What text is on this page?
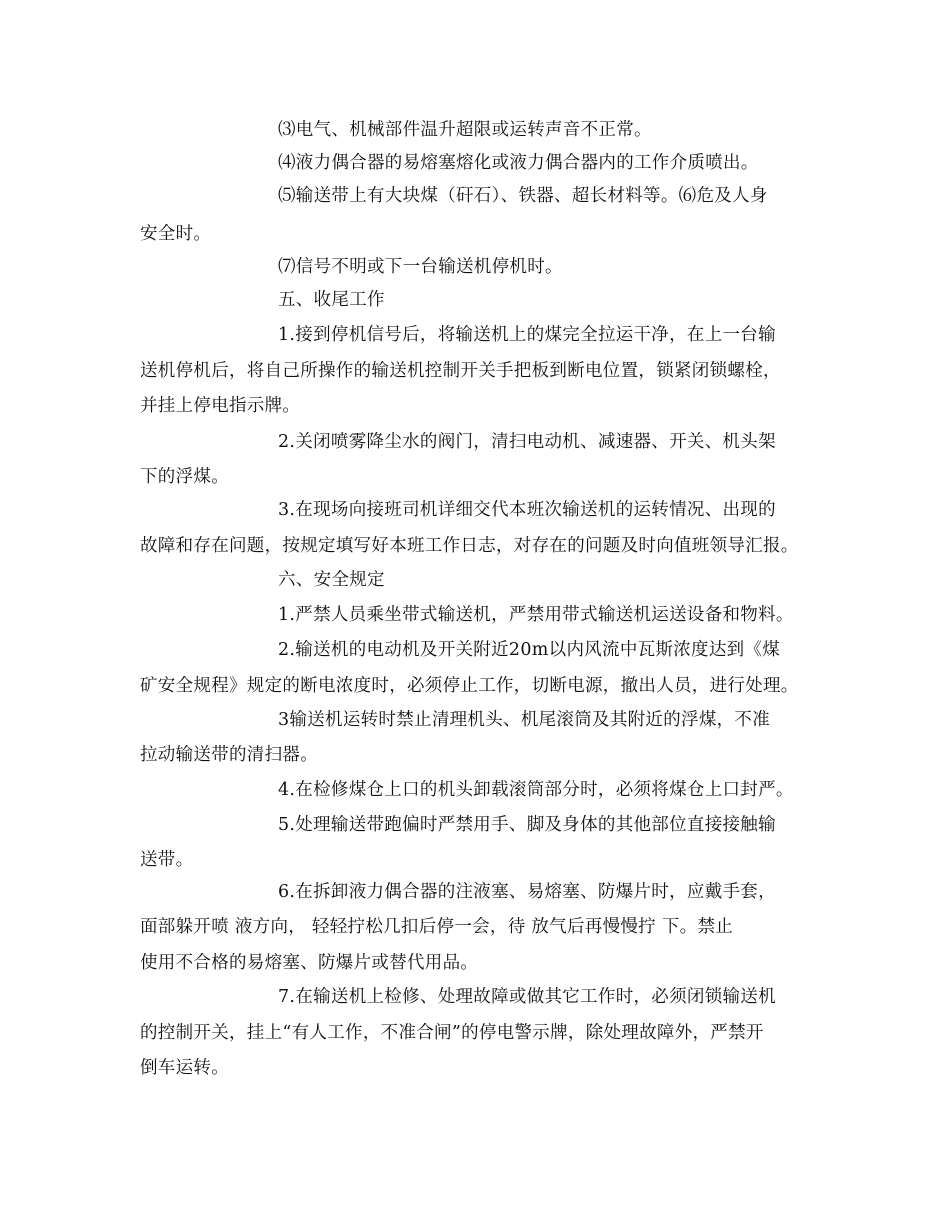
⑶电气、机械部件温升超限或运转声音不正常。
⑷液力偶合器的易熔塞熔化或液力偶合器内的工作介质喷出。
⑸输送带上有大块煤（矸石）、铁器、超长材料等。⑹危及人身
安全时。
⑺信号不明或下一台输送机停机时。
五、收尾工作
1.接到停机信号后，将输送机上的煤完全拉运干净，在上一台输
送机停机后，将自己所操作的输送机控制开关手把板到断电位置，锁紧闭锁螺栓，
并挂上停电指示牌。
2.关闭喷雾降尘水的阀门，清扫电动机、减速器、开关、机头架
下的浮煤。
3.在现场向接班司机详细交代本班次输送机的运转情况、出现的
故障和存在问题，按规定填写好本班工作日志，对存在的问题及时向值班领导汇报。
六、安全规定
1.严禁人员乘坐带式输送机，严禁用带式输送机运送设备和物料。
2.输送机的电动机及开关附近20m以内风流中瓦斯浓度达到《煤
矿安全规程》规定的断电浓度时，必须停止工作，切断电源，撤出人员，进行处理。
3输送机运转时禁止清理机头、机尾滚筒及其附近的浮煤，不准
拉动输送带的清扫器。
4.在检修煤仓上口的机头卸载滚筒部分时，必须将煤仓上口封严。
5.处理输送带跑偏时严禁用手、脚及身体的其他部位直接接触输
送带。
6.在拆卸液力偶合器的注液塞、易熔塞、防爆片时，应戴手套，
面部躲开喷 液方向， 轻轻拧松几扣后停一会，待 放气后再慢慢拧 下。禁止
使用不合格的易熔塞、防爆片或替代用品。
7.在输送机上检修、处理故障或做其它工作时，必须闭锁输送机
的控制开关，挂上“有人工作，不准合闸”的停电警示牌，除处理故障外，严禁开
倒车运转。
